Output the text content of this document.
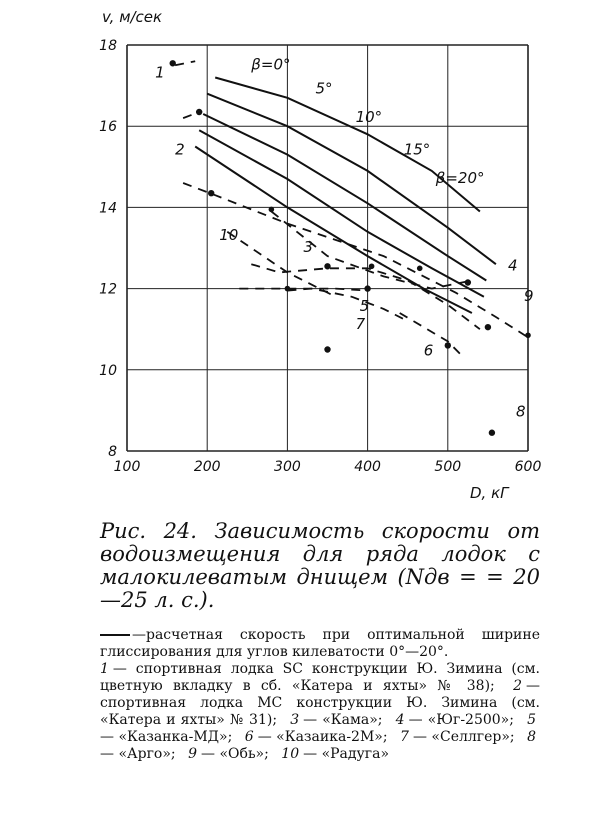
100	200	300	400	500	600
8
10
12
14
16
18
β=0°
5°
10°
15°
β=20°
1
2
10
3
4
5
9
7
6
8
v, м/сек
D, кГ

Рис. 24. Зависимость скорости от водоизмещения для ряда лодок с малокилеватым днищем (Nдв = = 20—25 л. с.).

—расчетная скорость при оптимальной ширине глиссирования для углов килеватости 0°—20°.

1 — спортивная лодка SC конструкции Ю. Зимина (см. цветную вкладку в сб. «Катера и яхты» № 38); 2 — спортивная лодка МС конструкции Ю. Зимина (см. «Катера и яхты» № 31); 3 — «Кама»; 4 — «Юг-2500»; 5— «Казанка-МД»; 6 — «Казаика-2М»; 7 — «Селлгер»; 8— «Арго»; 9 — «Обь»; 10 — «Радуга»
